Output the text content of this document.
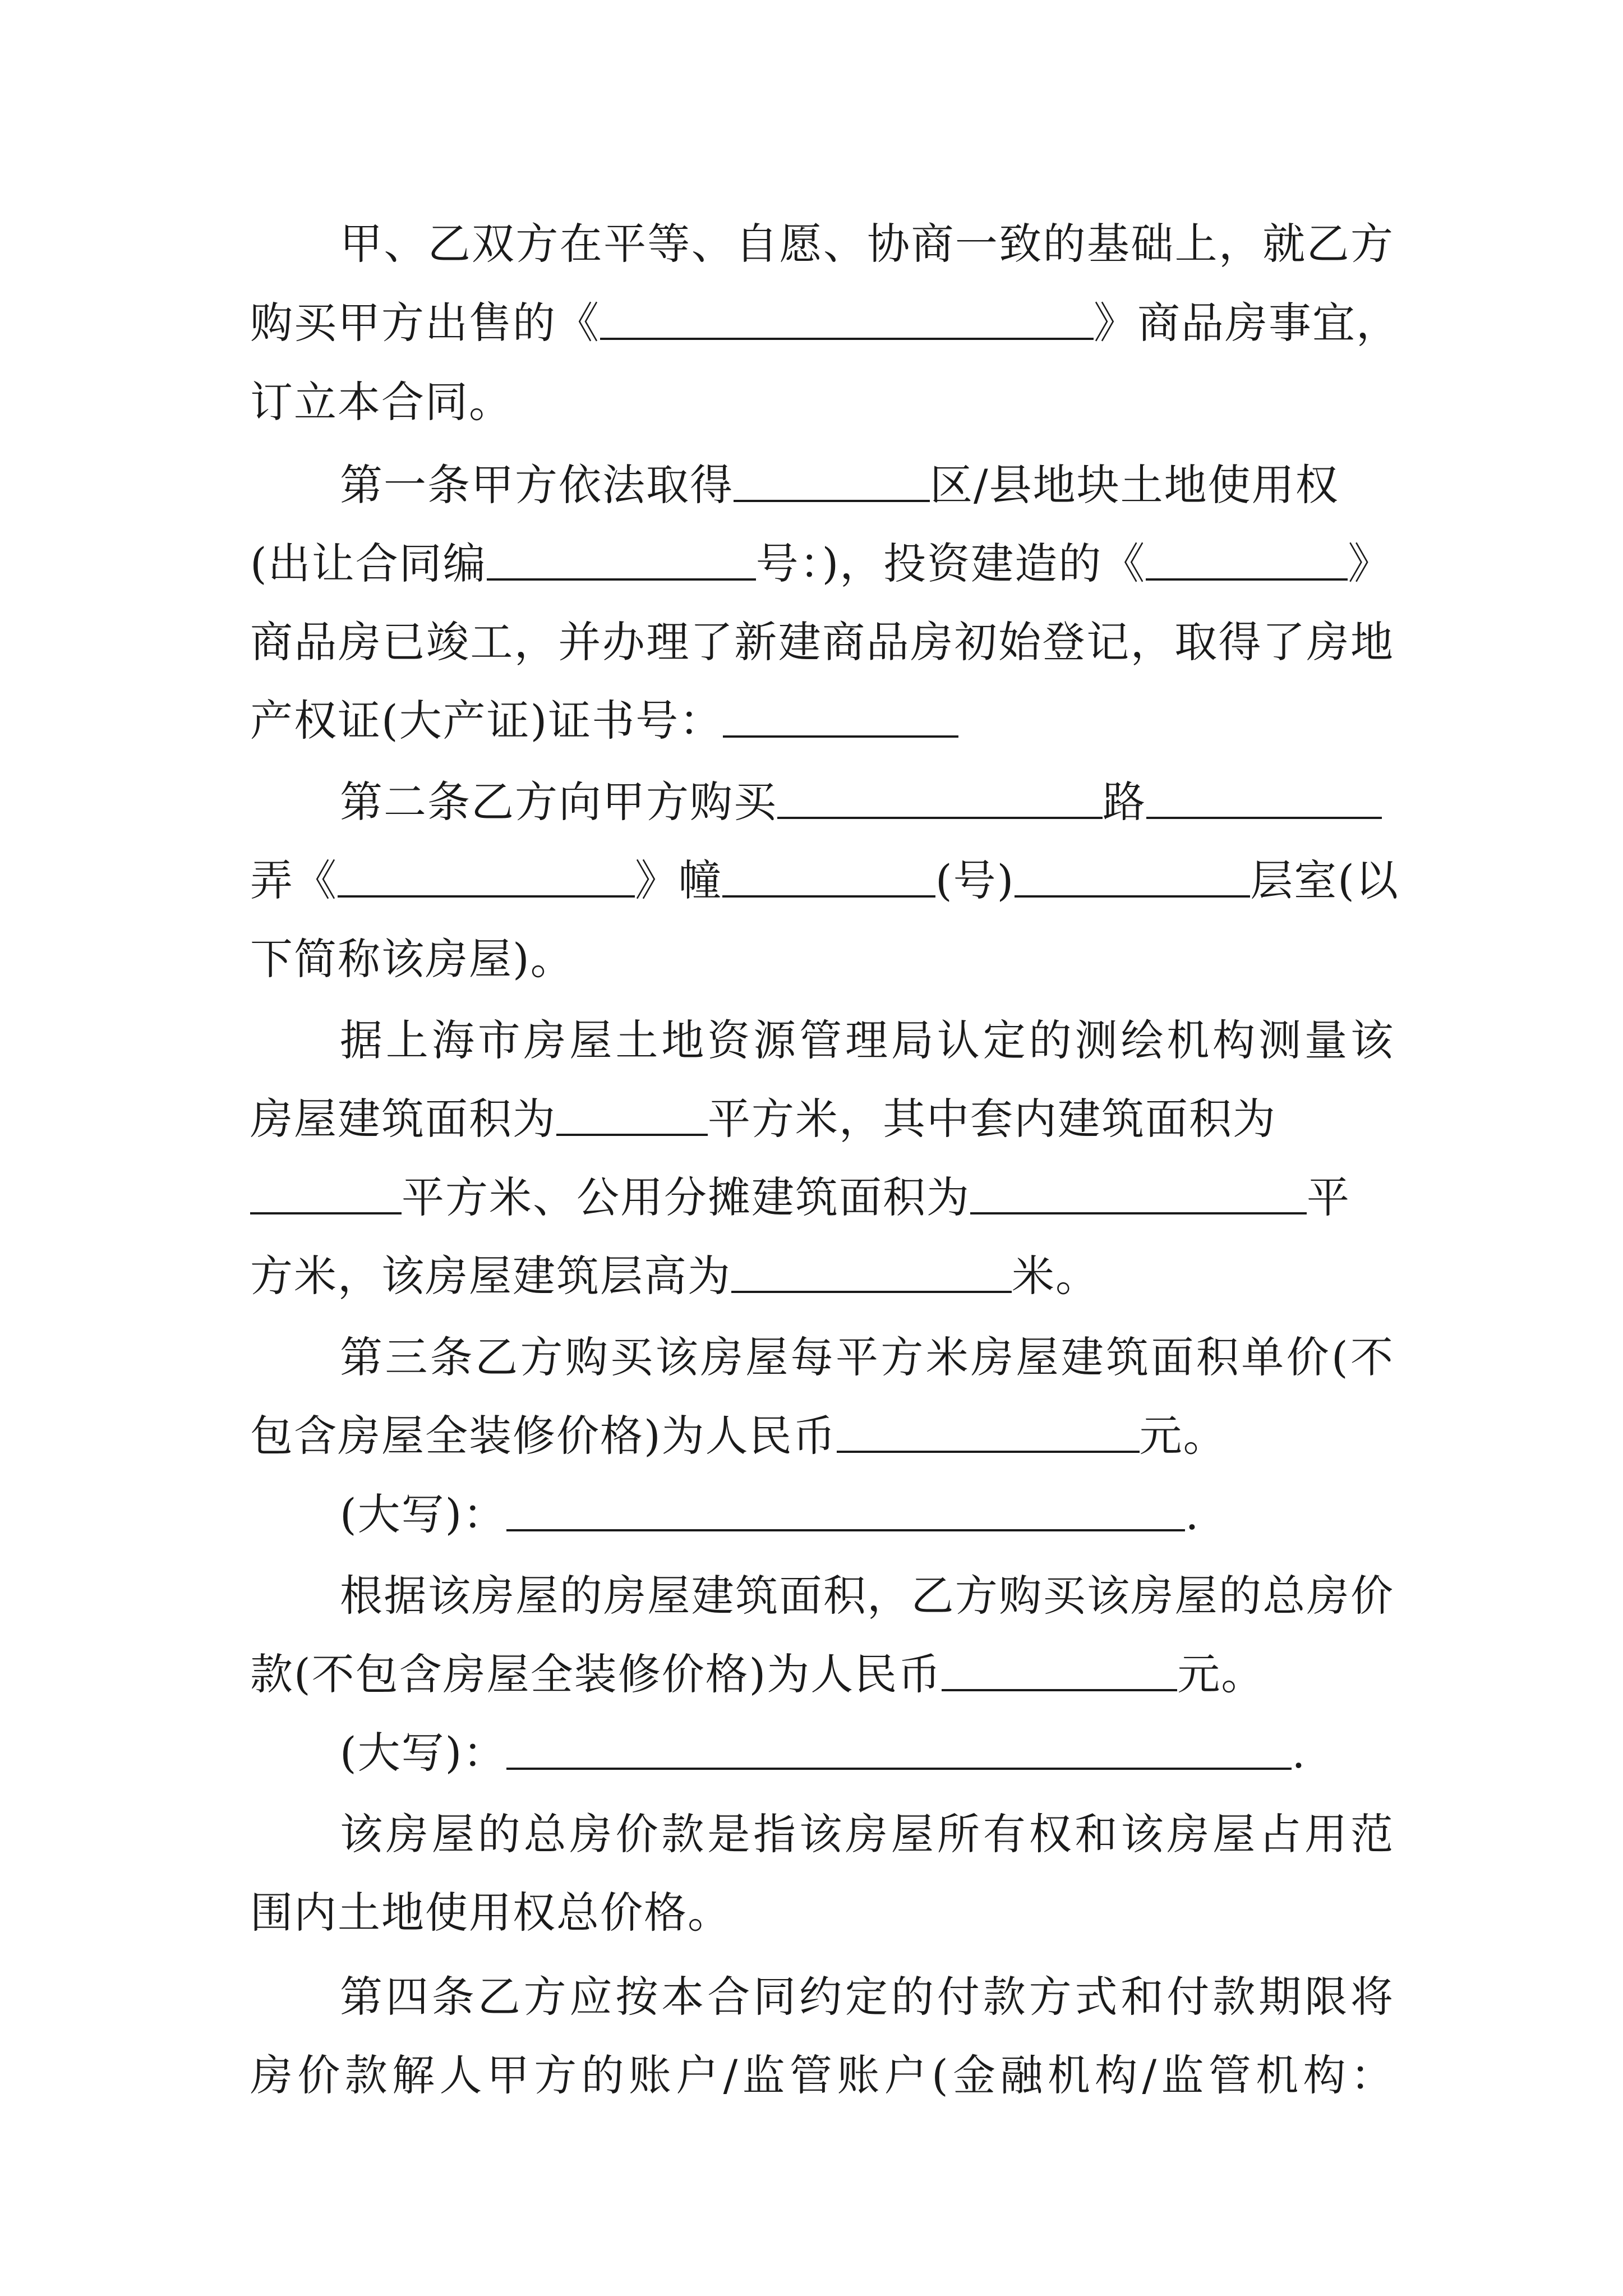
甲、乙双方在平等、自愿、协商一致的基础上，就乙方
购买甲方出售的《	》商品房事宜，
订立本合同。
第一条甲方依法取得	区/县地块土地使用权
(出让合同编	号：)，投资建造的《	》
商品房已竣工，并办理了新建商品房初始登记，取得了房地
产权证(大产证)证书号：
第二条乙方向甲方购买	路
弄《	》幢	(号)	层室(以
下简称该房屋)。
据上海市房屋土地资源管理局认定的测绘机构测量该
房屋建筑面积为	平方米，其中套内建筑面积为
平方米、公用分摊建筑面积为	平
方米，该房屋建筑层高为	米。
第三条乙方购买该房屋每平方米房屋建筑面积单价(不
包含房屋全装修价格)为人民币	元。
(大写)：	.
根据该房屋的房屋建筑面积，乙方购买该房屋的总房价
款(不包含房屋全装修价格)为人民币	元。
(大写)：	.
该房屋的总房价款是指该房屋所有权和该房屋占用范
围内土地使用权总价格。
第四条乙方应按本合同约定的付款方式和付款期限将
房价款解人甲方的账户/监管账户(金融机构/监管机构：
